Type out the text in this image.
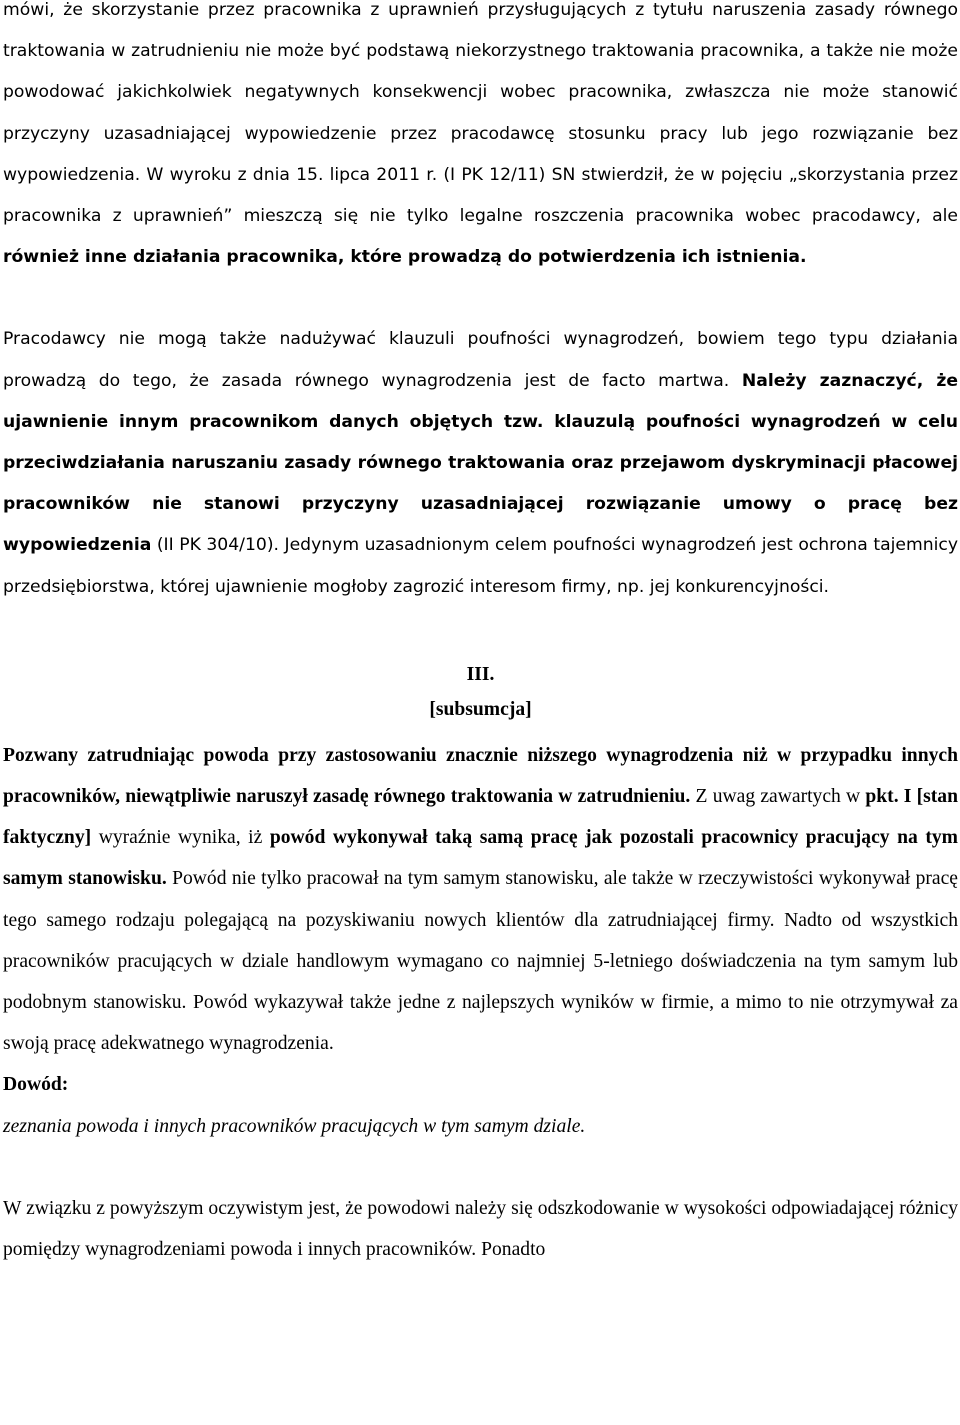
mówi, że skorzystanie przez pracownika z uprawnień przysługujących z tytułu naruszenia zasady równego traktowania w zatrudnieniu nie może być podstawą niekorzystnego traktowania pracownika, a także nie może powodować jakichkolwiek negatywnych konsekwencji wobec pracownika, zwłaszcza nie może stanowić przyczyny uzasadniającej wypowiedzenie przez pracodawcę stosunku pracy lub jego rozwiązanie bez wypowiedzenia. W wyroku z dnia 15. lipca 2011 r. (I PK 12/11) SN stwierdził, że w pojęciu „skorzystania przez pracownika z uprawnień” mieszczą się nie tylko legalne roszczenia pracownika wobec pracodawcy, ale również inne działania pracownika, które prowadzą do potwierdzenia ich istnienia.

Pracodawcy nie mogą także nadużywać klauzuli poufności wynagrodzeń, bowiem tego typu działania prowadzą do tego, że zasada równego wynagrodzenia jest de facto martwa. Należy zaznaczyć, że ujawnienie innym pracownikom danych objętych tzw. klauzulą poufności wynagrodzeń w celu przeciwdziałania naruszaniu zasady równego traktowania oraz przejawom dyskryminacji płacowej pracowników nie stanowi przyczyny uzasadniającej rozwiązanie umowy o pracę bez wypowiedzenia (II PK 304/10). Jedynym uzasadnionym celem poufności wynagrodzeń jest ochrona tajemnicy przedsiębiorstwa, której ujawnienie mogłoby zagrozić interesom firmy, np. jej konkurencyjności.

III.
[subsumcja]

Pozwany zatrudniając powoda przy zastosowaniu znacznie niższego wynagrodzenia niż w przypadku innych pracowników, niewątpliwie naruszył zasadę równego traktowania w zatrudnieniu. Z uwag zawartych w pkt. I [stan faktyczny] wyraźnie wynika, iż powód wykonywał taką samą pracę jak pozostali pracownicy pracujący na tym samym stanowisku. Powód nie tylko pracował na tym samym stanowisku, ale także w rzeczywistości wykonywał pracę tego samego rodzaju polegającą na pozyskiwaniu nowych klientów dla zatrudniającej firmy. Nadto od wszystkich pracowników pracujących w dziale handlowym wymagano co najmniej 5-letniego doświadczenia na tym samym lub podobnym stanowisku. Powód wykazywał także jedne z najlepszych wyników w firmie, a mimo to nie otrzymywał za swoją pracę adekwatnego wynagrodzenia.

Dowód:
zeznania powoda i innych pracowników pracujących w tym samym dziale.

W związku z powyższym oczywistym jest, że powodowi należy się odszkodowanie w wysokości odpowiadającej różnicy pomiędzy wynagrodzeniami powoda i innych pracowników. Ponadto
